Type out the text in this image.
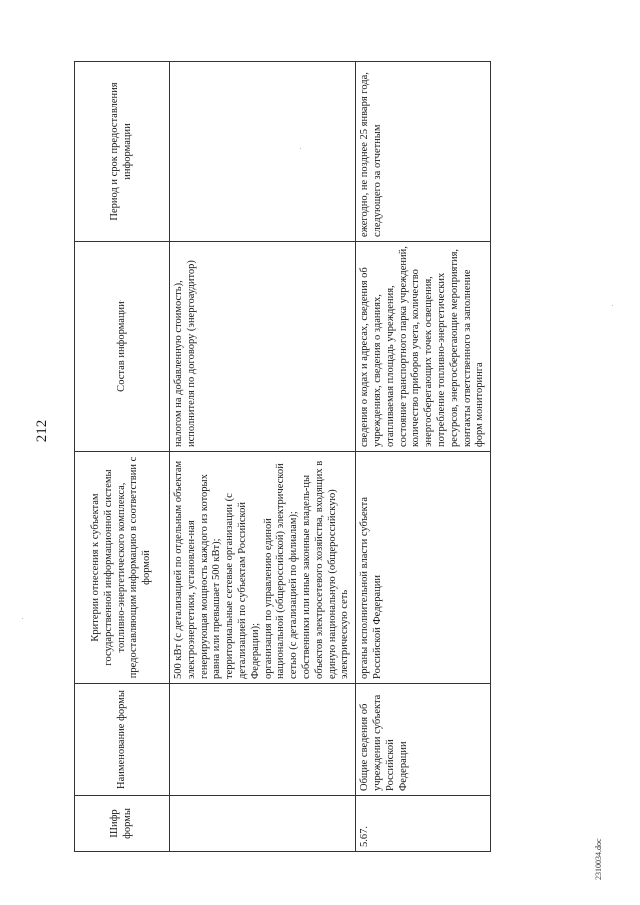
212
Шифр формы	Наименование формы	Критерии отнесения к субъектам государственной информационной системы топливно-энергетического комплекса, предоставляющим информацию в соответствии с формой	Состав информации	Период и срок предоставления информации

		500 кВт (с детализацией по отдельным объектам электроэнергетики, установлен-ная генерирующая мощность каждого из которых равна или превышает 500 кВт); территориальные сетевые организации (с детализацией по субъектам Российской Федерации); организация по управлению единой национальной (общероссийской) электрической сетью (с детализацией по филиалам); собственники или иные законные владель-цы объектов электросетевого хозяйства, входящих в единую национальную (общероссийскую) электрическую сеть	налогом на добавленную стоимость), исполнителя по договору (энергоаудитор)	
5.67.	Общие сведения об учреждении субъекта Российской Федерации	органы исполнительной власти субъекта Российской Федерации	сведения о кодах и адресах, сведения об учреждениях, сведения о зданиях, отапливаемая площадь учреждения, состояние транспортного парка учреждений, количество приборов учета, количество энергосберегающих точек освещения, потребление топливно-энергетических ресурсов, энергосберегающие мероприятия, контакты ответственного за заполнение форм мониторинга	ежегодно, не позднее 25 января года, следующего за отчетным
2310034.doc
